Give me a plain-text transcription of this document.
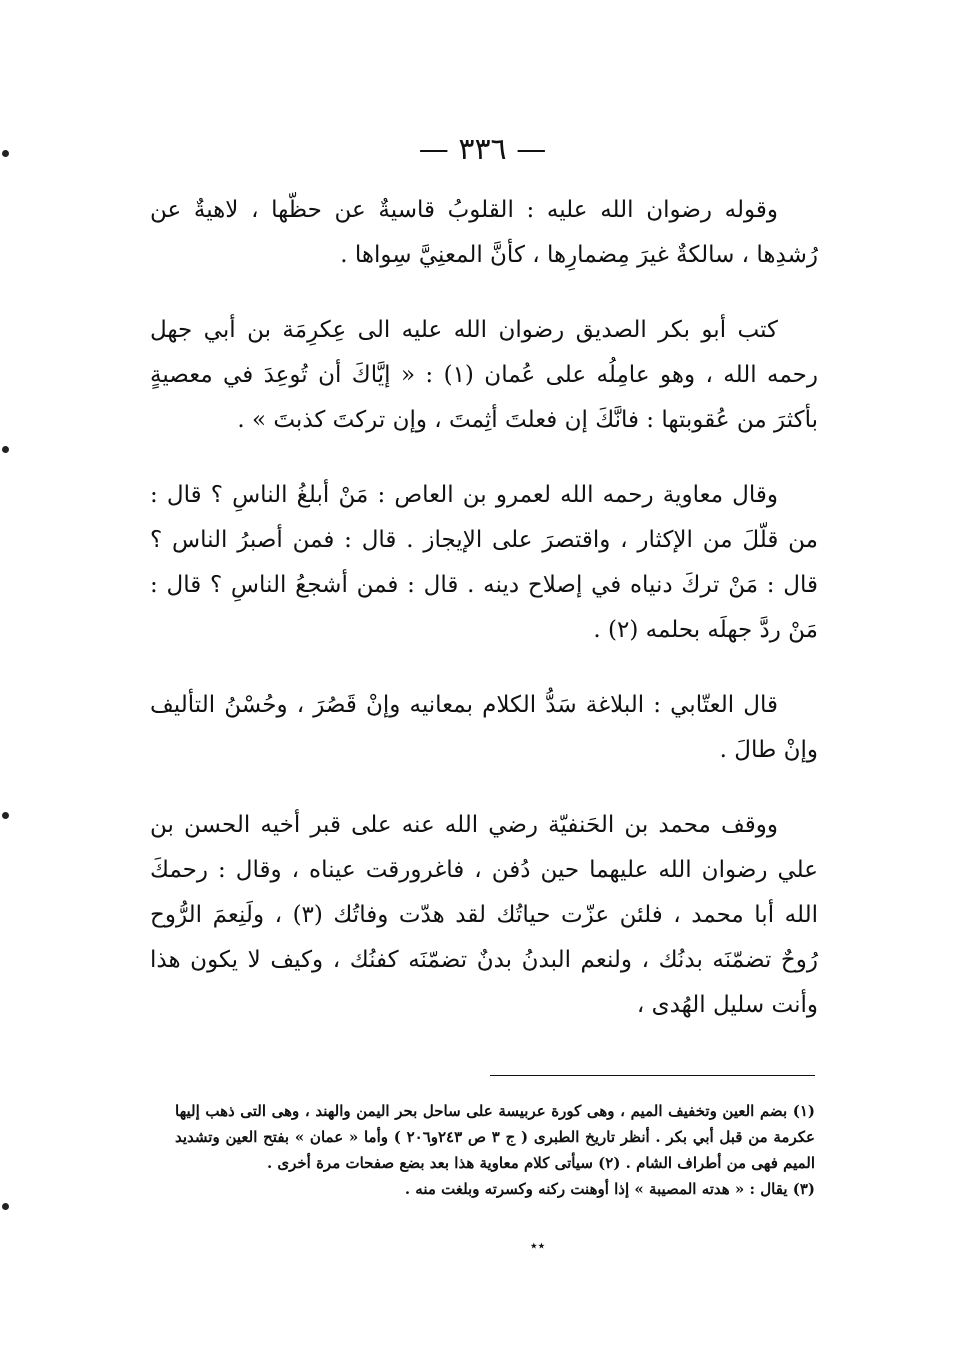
— ٣٣٦ —

وقوله رضوان الله عليه : القلوبُ قاسيةٌ عن حظّها ، لاهيةٌ عن رُشدِها ، سالكةٌ غيرَ مِضمارِها ، كأنَّ المعنِيَّ سِواها .

كتب أبو بكر الصديق رضوان الله عليه الى عِكرِمَة بن أبي جهل رحمه الله ، وهو عامِلُه على عُمان (١) : « إيَّاكَ أن تُوعِدَ في معصيةٍ بأكثرَ من عُقوبتها : فانَّكَ إن فعلتَ أثِمتَ ، وإن تركتَ كذبتَ » .

وقال معاوية رحمه الله لعمرو بن العاص : مَنْ أبلغُ الناسِ ؟ قال : من قلّلَ من الإكثار ، واقتصرَ على الإيجاز . قال : فمن أصبرُ الناس ؟ قال : مَنْ تركَ دنياه في إصلاح دينه . قال : فمن أشجعُ الناسِ ؟ قال : مَنْ ردَّ جهلَه بحلمه (٢) .

قال العتّابي : البلاغة سَدُّ الكلام بمعانيه وإنْ قَصُرَ ، وحُسْنُ التأليف وإنْ طالَ .

ووقف محمد بن الحَنفيّة رضي الله عنه على قبر أخيه الحسن بن علي رضوان الله عليهما حين دُفن ، فاغرورقت عيناه ، وقال : رحمكَ الله أبا محمد ، فلئن عزّت حياتُك لقد هدّت وفاتُك (٣) ، ولَنِعمَ الرُّوح رُوحٌ تضمّنَه بدنُك ، ولنعم البدنُ بدنٌ تضمّنَه كفنُك ، وكيف لا يكون هذا وأنت سليل الهُدى ،

(١) بضم العين وتخفيف الميم ، وهى كورة عربيسة على ساحل بحر اليمن والهند ، وهى التى ذهب إليها عكرمة من قبل أبي بكر . أنظر تاريخ الطبرى ( ج ٣ ص ٢٤٣و٢٠٦ ) وأما « عمان » بفتح العين وتشديد الميم فهى من أطراف الشام . (٢) سيأتى كلام معاوية هذا بعد بضع صفحات مرة أخرى .

(٣) يقال : « هدته المصيبة » إذا أوهنت ركنه وكسرته وبلغت منه .

٭٭
